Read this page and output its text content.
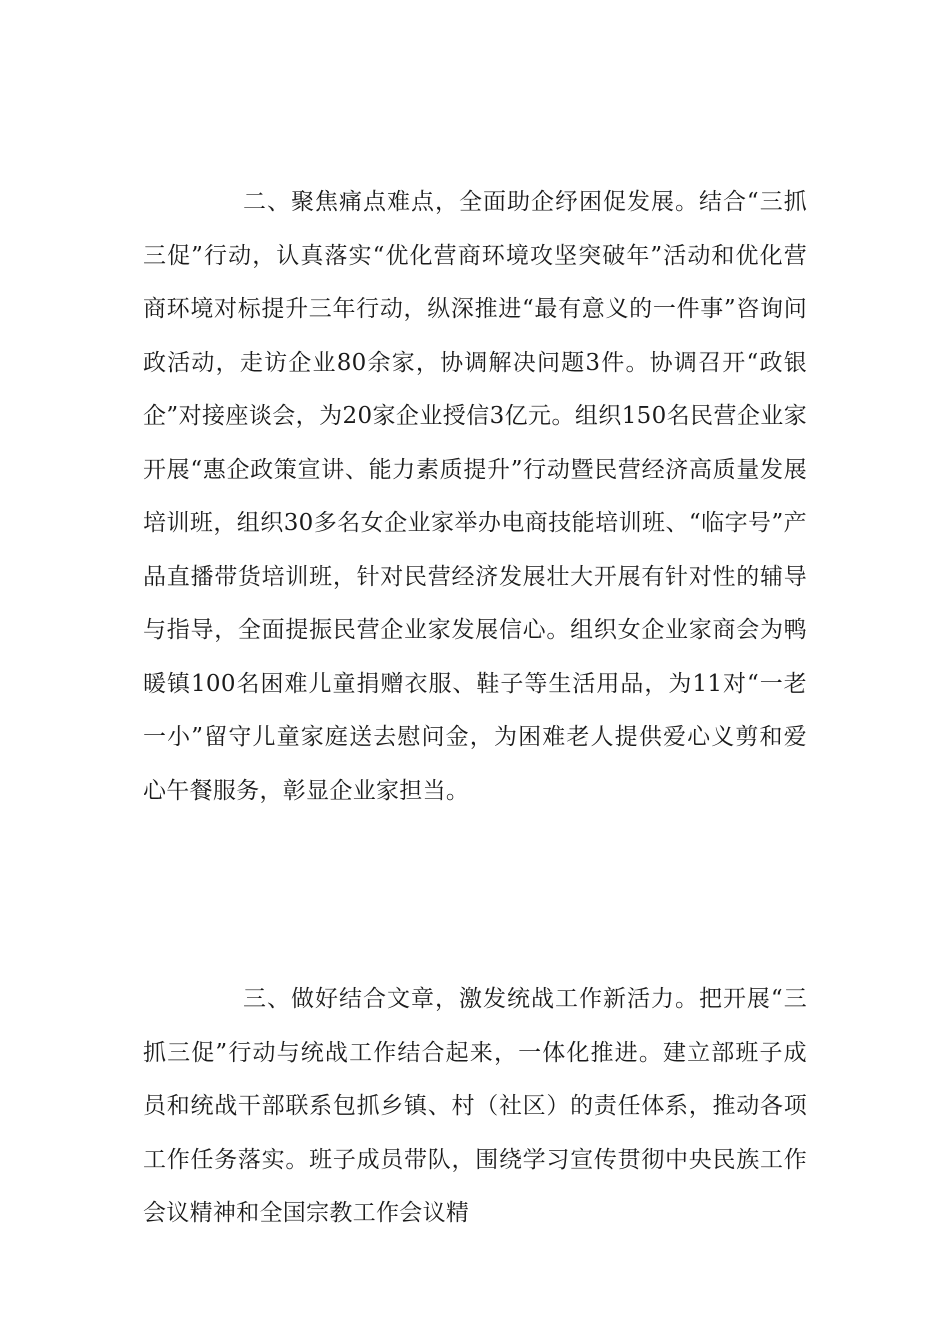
二、聚焦痛点难点，全面助企纾困促发展。结合“三抓三促”行动，认真落实“优化营商环境攻坚突破年”活动和优化营商环境对标提升三年行动，纵深推进“最有意义的一件事”咨询问政活动，走访企业80余家，协调解决问题3件。协调召开“政银企”对接座谈会，为20家企业授信3亿元。组织150名民营企业家开展“惠企政策宣讲、能力素质提升”行动暨民营经济高质量发展培训班，组织30多名女企业家举办电商技能培训班、“临字号”产品直播带货培训班，针对民营经济发展壮大开展有针对性的辅导与指导，全面提振民营企业家发展信心。组织女企业家商会为鸭暖镇100名困难儿童捐赠衣服、鞋子等生活用品，为11对“一老一小”留守儿童家庭送去慰问金，为困难老人提供爱心义剪和爱心午餐服务，彰显企业家担当。

三、做好结合文章，激发统战工作新活力。把开展“三抓三促”行动与统战工作结合起来，一体化推进。建立部班子成员和统战干部联系包抓乡镇、村（社区）的责任体系，推动各项工作任务落实。班子成员带队，围绕学习宣传贯彻中央民族工作会议精神和全国宗教工作会议精
